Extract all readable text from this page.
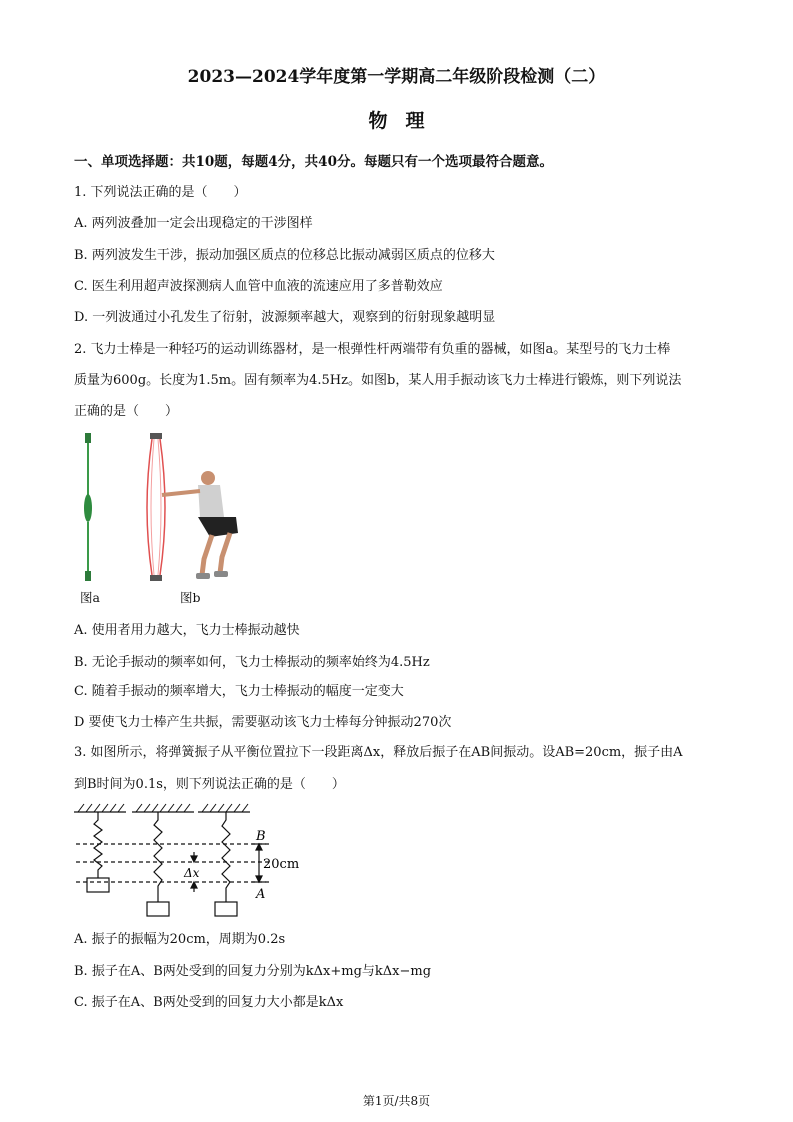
2023—2024学年度第一学期高二年级阶段检测（二）
物理
一、单项选择题：共10题，每题4分，共40分。每题只有一个选项最符合题意。
1. 下列说法正确的是（　　）
A. 两列波叠加一定会出现稳定的干涉图样
B. 两列波发生干涉，振动加强区质点的位移总比振动减弱区质点的位移大
C. 医生利用超声波探测病人血管中血液的流速应用了多普勒效应
D. 一列波通过小孔发生了衍射，波源频率越大，观察到的衍射现象越明显
2. 飞力士棒是一种轻巧的运动训练器材，是一根弹性杆两端带有负重的器械，如图a。某型号的飞力士棒
质量为600g。长度为1.5m。固有频率为4.5Hz。如图b，某人用手振动该飞力士棒进行锻炼，则下列说法
正确的是（　　）
图a	图b
A. 使用者用力越大，飞力士棒振动越快
B. 无论手振动的频率如何，飞力士棒振动的频率始终为4.5Hz
C. 随着手振动的频率增大，飞力士棒振动的幅度一定变大
D 要使飞力士棒产生共振，需要驱动该飞力士棒每分钟振动270次
3. 如图所示，将弹簧振子从平衡位置拉下一段距离Δx，释放后振子在AB间振动。设AB=20cm，振子由A
到B时间为0.1s，则下列说法正确的是（　　）
B
A
20cm
Δx
A. 振子的振幅为20cm，周期为0.2s
B. 振子在A、B两处受到的回复力分别为kΔx+mg与kΔx−mg
C. 振子在A、B两处受到的回复力大小都是kΔx
第1页/共8页
